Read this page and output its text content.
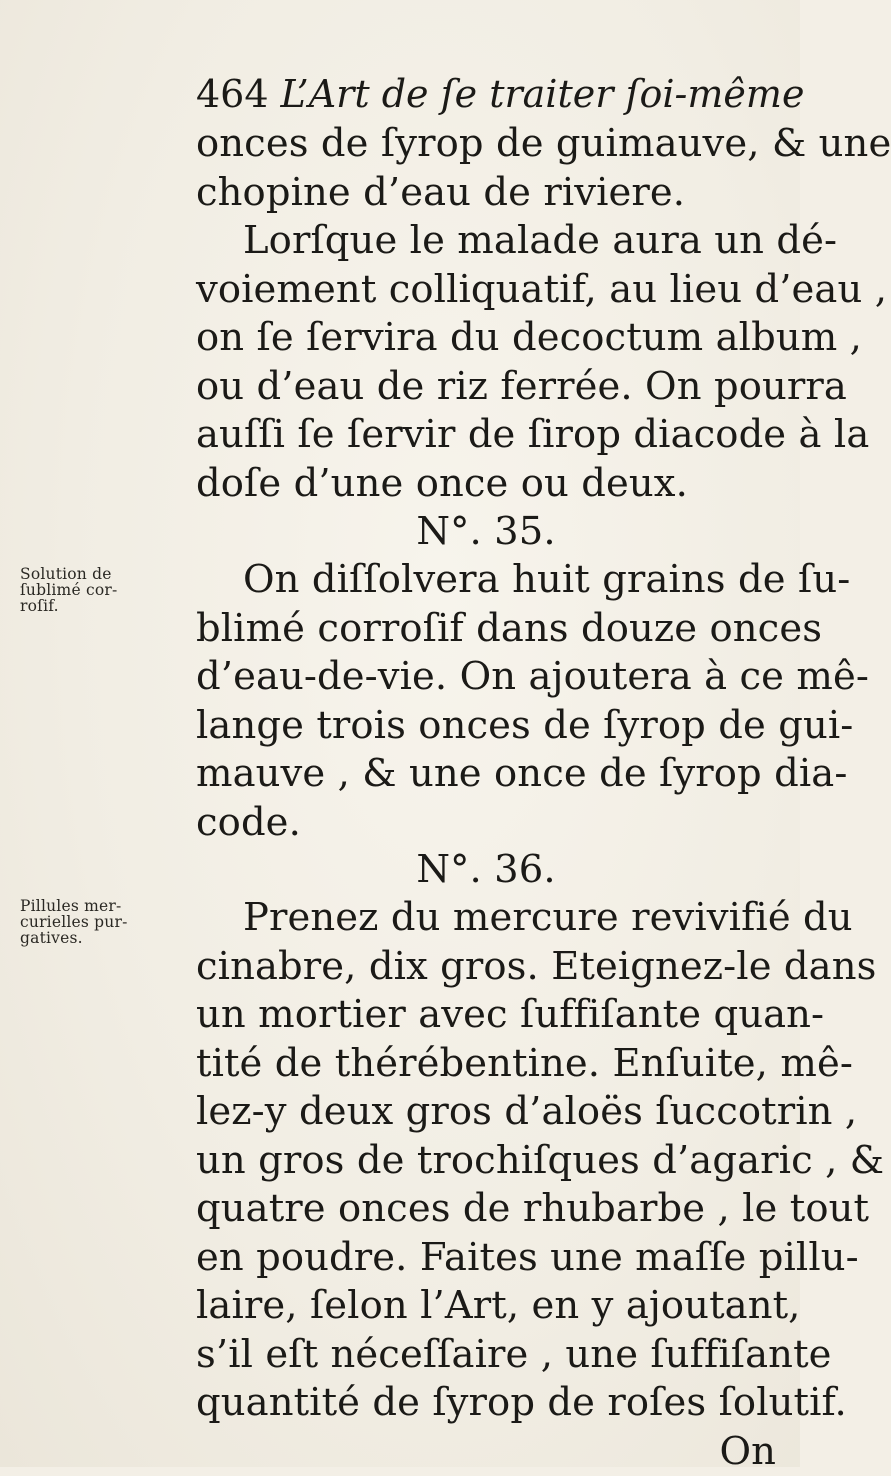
464 L’Art de ſe traiter ſoi-même
onces de ſyrop de guimauve, & une
chopine d’eau de riviere.
Lorſque le malade aura un dé-
voiement colliquatif, au lieu d’eau ,
on ſe ſervira du decoctum album ,
ou d’eau de riz ferrée. On pourra
auſſi ſe ſervir de ſirop diacode à la
doſe d’une once ou deux.
N°. 35.
Solution de
ſublimé cor-
roſif.
On diſſolvera huit grains de ſu-
blimé corroſif dans douze onces
d’eau-de-vie. On ajoutera à ce mê-
lange trois onces de ſyrop de gui-
mauve , & une once de ſyrop dia-
code.
N°. 36.
Pillules mer-
curielles pur-
gatives.	Prenez du mercure revivifié du
cinabre, dix gros. Eteignez-le dans
un mortier avec ſuffiſante quan-
tité de thérébentine. Enſuite, mê-
lez-y deux gros d’aloës ſuccotrin ,
un gros de trochiſques d’agaric , &
quatre onces de rhubarbe , le tout
en poudre. Faites une maſſe pillu-
laire, ſelon l’Art, en y ajoutant,
s’il eſt néceſſaire , une ſuffiſante
quantité de ſyrop de roſes ſolutif.
On
